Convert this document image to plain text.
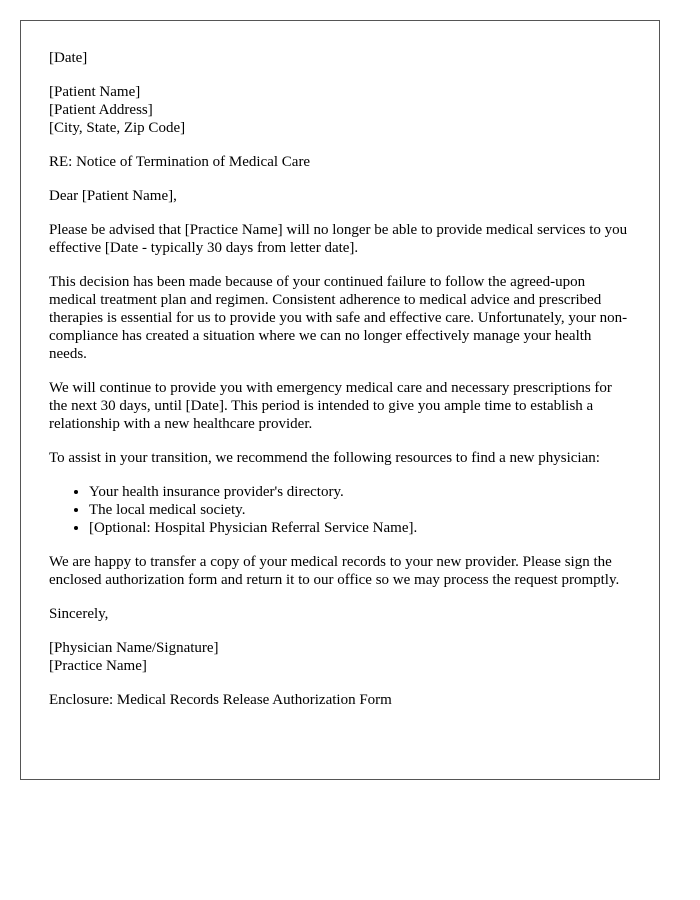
[Date]

[Patient Name]
[Patient Address]
[City, State, Zip Code]

RE: Notice of Termination of Medical Care

Dear [Patient Name],

Please be advised that [Practice Name] will no longer be able to provide medical services to you effective [Date - typically 30 days from letter date].

This decision has been made because of your continued failure to follow the agreed-upon medical treatment plan and regimen. Consistent adherence to medical advice and prescribed therapies is essential for us to provide you with safe and effective care. Unfortunately, your non-compliance has created a situation where we can no longer effectively manage your health needs.

We will continue to provide you with emergency medical care and necessary prescriptions for the next 30 days, until [Date]. This period is intended to give you ample time to establish a relationship with a new healthcare provider.

To assist in your transition, we recommend the following resources to find a new physician:

• Your health insurance provider's directory.
• The local medical society.
• [Optional: Hospital Physician Referral Service Name].

We are happy to transfer a copy of your medical records to your new provider. Please sign the enclosed authorization form and return it to our office so we may process the request promptly.

Sincerely,

[Physician Name/Signature]
[Practice Name]

Enclosure: Medical Records Release Authorization Form
